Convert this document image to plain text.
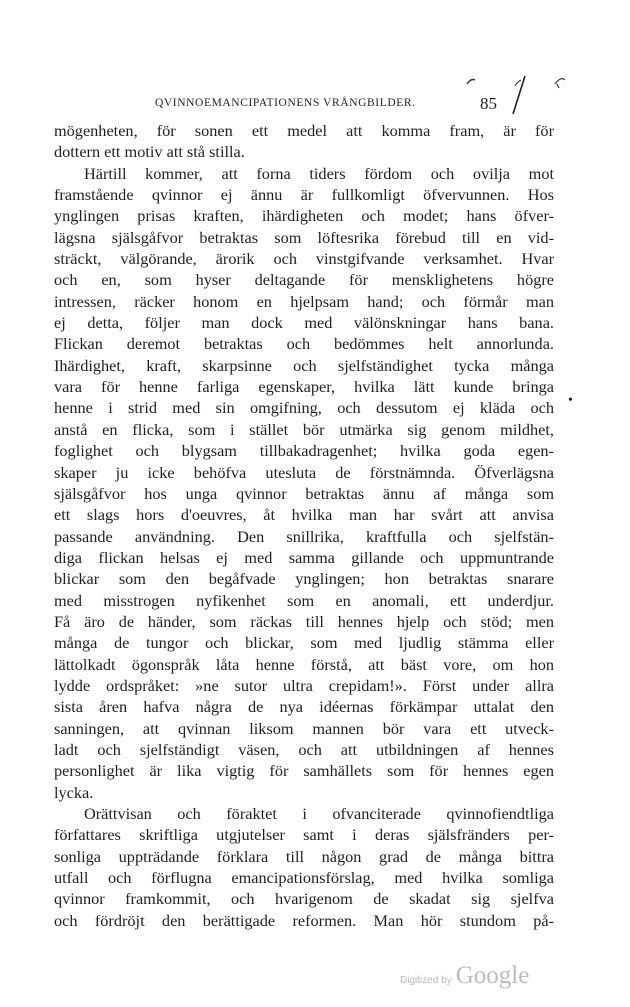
QVINNOEMANCIPATIONENS VRÅNGBILDER.	85
mögenheten, för sonen ett medel att komma fram, är för
dottern ett motiv att stå stilla.
Härtill kommer, att forna tiders fördom och ovilja mot
framstående qvinnor ej ännu är fullkomligt öfvervunnen. Hos
ynglingen prisas kraften, ihärdigheten och modet; hans öfver-
lägsna själsgåfvor betraktas som löftesrika förebud till en vid-
sträckt, välgörande, ärorik och vinstgifvande verksamhet. Hvar
och en, som hyser deltagande för mensklighetens högre
intressen, räcker honom en hjelpsam hand; och förmår man
ej detta, följer man dock med välönskningar hans bana.
Flickan deremot betraktas och bedömmes helt annorlunda.
Ihärdighet, kraft, skarpsinne och sjelfständighet tycka många
vara för henne farliga egenskaper, hvilka lätt kunde bringa
henne i strid med sin omgifning, och dessutom ej kläda och
anstå en flicka, som i stället bör utmärka sig genom mildhet,
foglighet och blygsam tillbakadragenhet; hvilka goda egen-
skaper ju icke behöfva utesluta de förstnämnda. Öfverlägsna
själsgåfvor hos unga qvinnor betraktas ännu af många som
ett slags hors d'oeuvres, åt hvilka man har svårt att anvisa
passande användning. Den snillrika, kraftfulla och sjelfstän-
diga flickan helsas ej med samma gillande och uppmuntrande
blickar som den begåfvade ynglingen; hon betraktas snarare
med misstrogen nyfikenhet som en anomali, ett underdjur.
Få äro de händer, som räckas till hennes hjelp och stöd; men
många de tungor och blickar, som med ljudlig stämma eller
lättolkadt ögonspråk låta henne förstå, att bäst vore, om hon
lydde ordspråket: »ne sutor ultra crepidam!». Först under allra
sista åren hafva några de nya idéernas förkämpar uttalat den
sanningen, att qvinnan liksom mannen bör vara ett utveck-
ladt och sjelfständigt väsen, och att utbildningen af hennes
personlighet är lika vigtig för samhällets som för hennes egen
lycka.
Orättvisan och föraktet i ofvanciterade qvinnofiendtliga
författares skriftliga utgjutelser samt i deras själsfränders per-
sonliga uppträdande förklara till någon grad de många bittra
utfall och förflugna emancipationsförslag, med hvilka somliga
qvinnor framkommit, och hvarigenom de skadat sig sjelfva
och fördröjt den berättigade reformen. Man hör stundom på-
•
Digitized by Google
